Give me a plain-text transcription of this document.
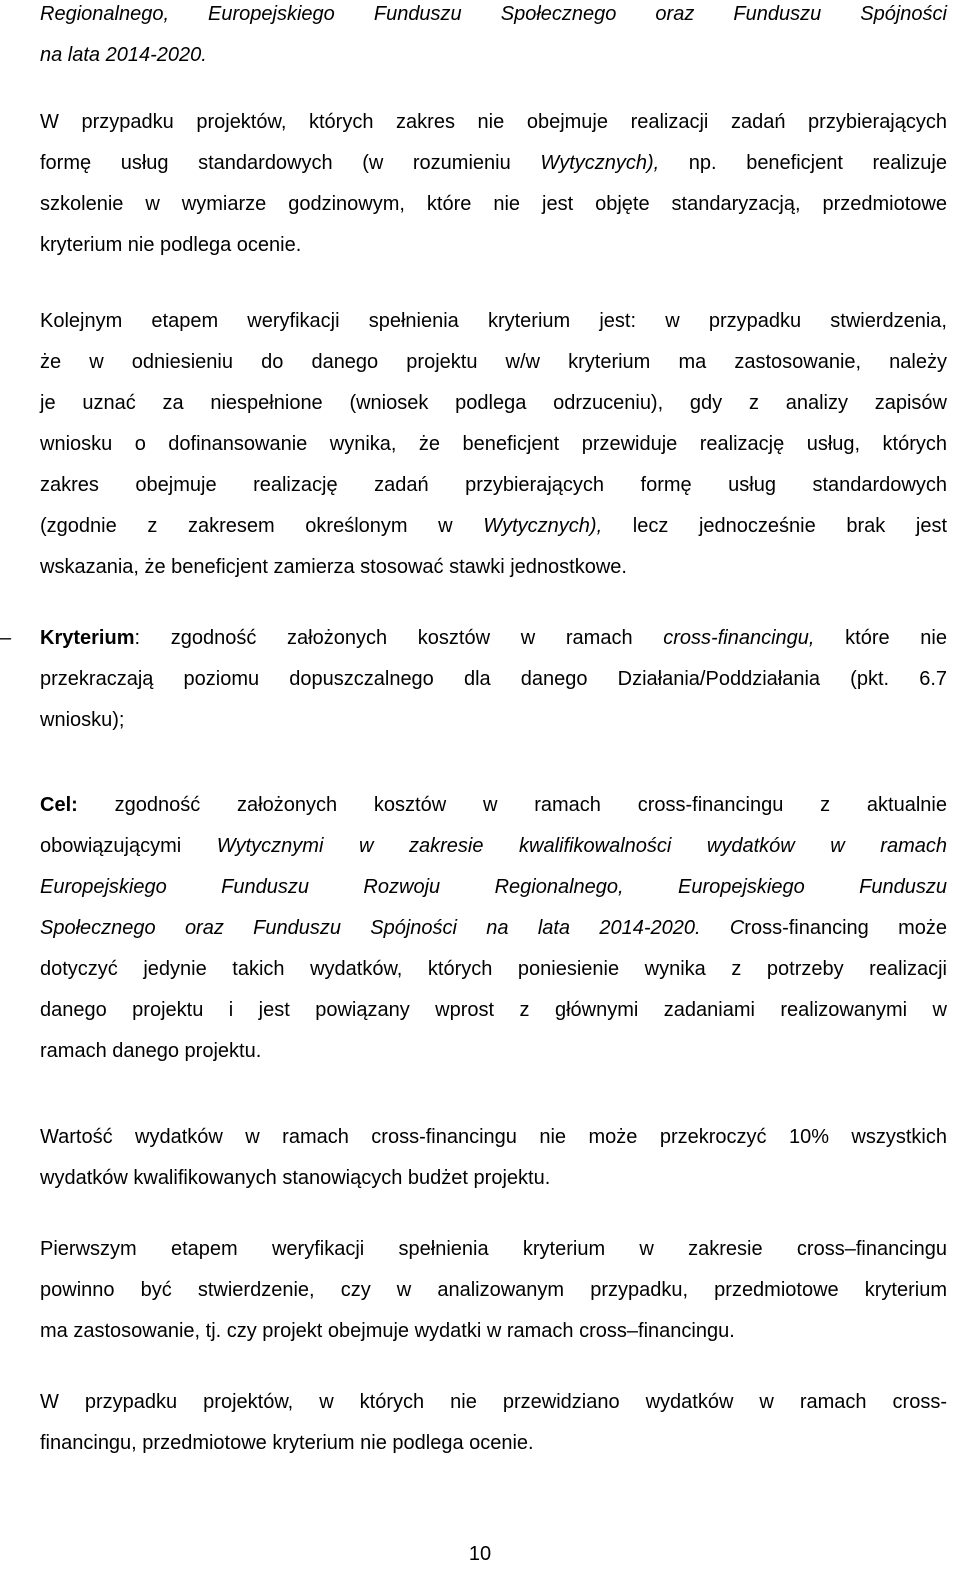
Regionalnego, Europejskiego Funduszu Społecznego oraz Funduszu Spójności
na lata 2014-2020.

W przypadku projektów, których zakres nie obejmuje realizacji zadań przybierających
formę usług standardowych (w rozumieniu Wytycznych), np. beneficjent realizuje
szkolenie w wymiarze godzinowym, które nie jest objęte standaryzacją, przedmiotowe
kryterium nie podlega ocenie.

Kolejnym etapem weryfikacji spełnienia kryterium jest: w przypadku stwierdzenia,
że w odniesieniu do danego projektu w/w kryterium ma zastosowanie, należy
je uznać za niespełnione (wniosek podlega odrzuceniu), gdy z analizy zapisów
wniosku o dofinansowanie wynika, że beneficjent przewiduje realizację usług, których
zakres obejmuje realizację zadań przybierających formę usług standardowych
(zgodnie z zakresem określonym w Wytycznych), lecz jednocześnie brak jest
wskazania, że beneficjent zamierza stosować stawki jednostkowe.

– Kryterium: zgodność założonych kosztów w ramach cross-financingu, które nie
przekraczają poziomu dopuszczalnego dla danego Działania/Poddziałania (pkt. 6.7
wniosku);

Cel: zgodność założonych kosztów w ramach cross-financingu z aktualnie
obowiązującymi Wytycznymi w zakresie kwalifikowalności wydatków w ramach
Europejskiego Funduszu Rozwoju Regionalnego, Europejskiego Funduszu
Społecznego oraz Funduszu Spójności na lata 2014-2020. Cross-financing może
dotyczyć jedynie takich wydatków, których poniesienie wynika z potrzeby realizacji
danego projektu i jest powiązany wprost z głównymi zadaniami realizowanymi w
ramach danego projektu.

Wartość wydatków w ramach cross-financingu nie może przekroczyć 10% wszystkich
wydatków kwalifikowanych stanowiących budżet projektu.

Pierwszym etapem weryfikacji spełnienia kryterium w zakresie cross–financingu
powinno być stwierdzenie, czy w analizowanym przypadku, przedmiotowe kryterium
ma zastosowanie, tj. czy projekt obejmuje wydatki w ramach cross–financingu.

W przypadku projektów, w których nie przewidziano wydatków w ramach cross-
financingu, przedmiotowe kryterium nie podlega ocenie.

10
